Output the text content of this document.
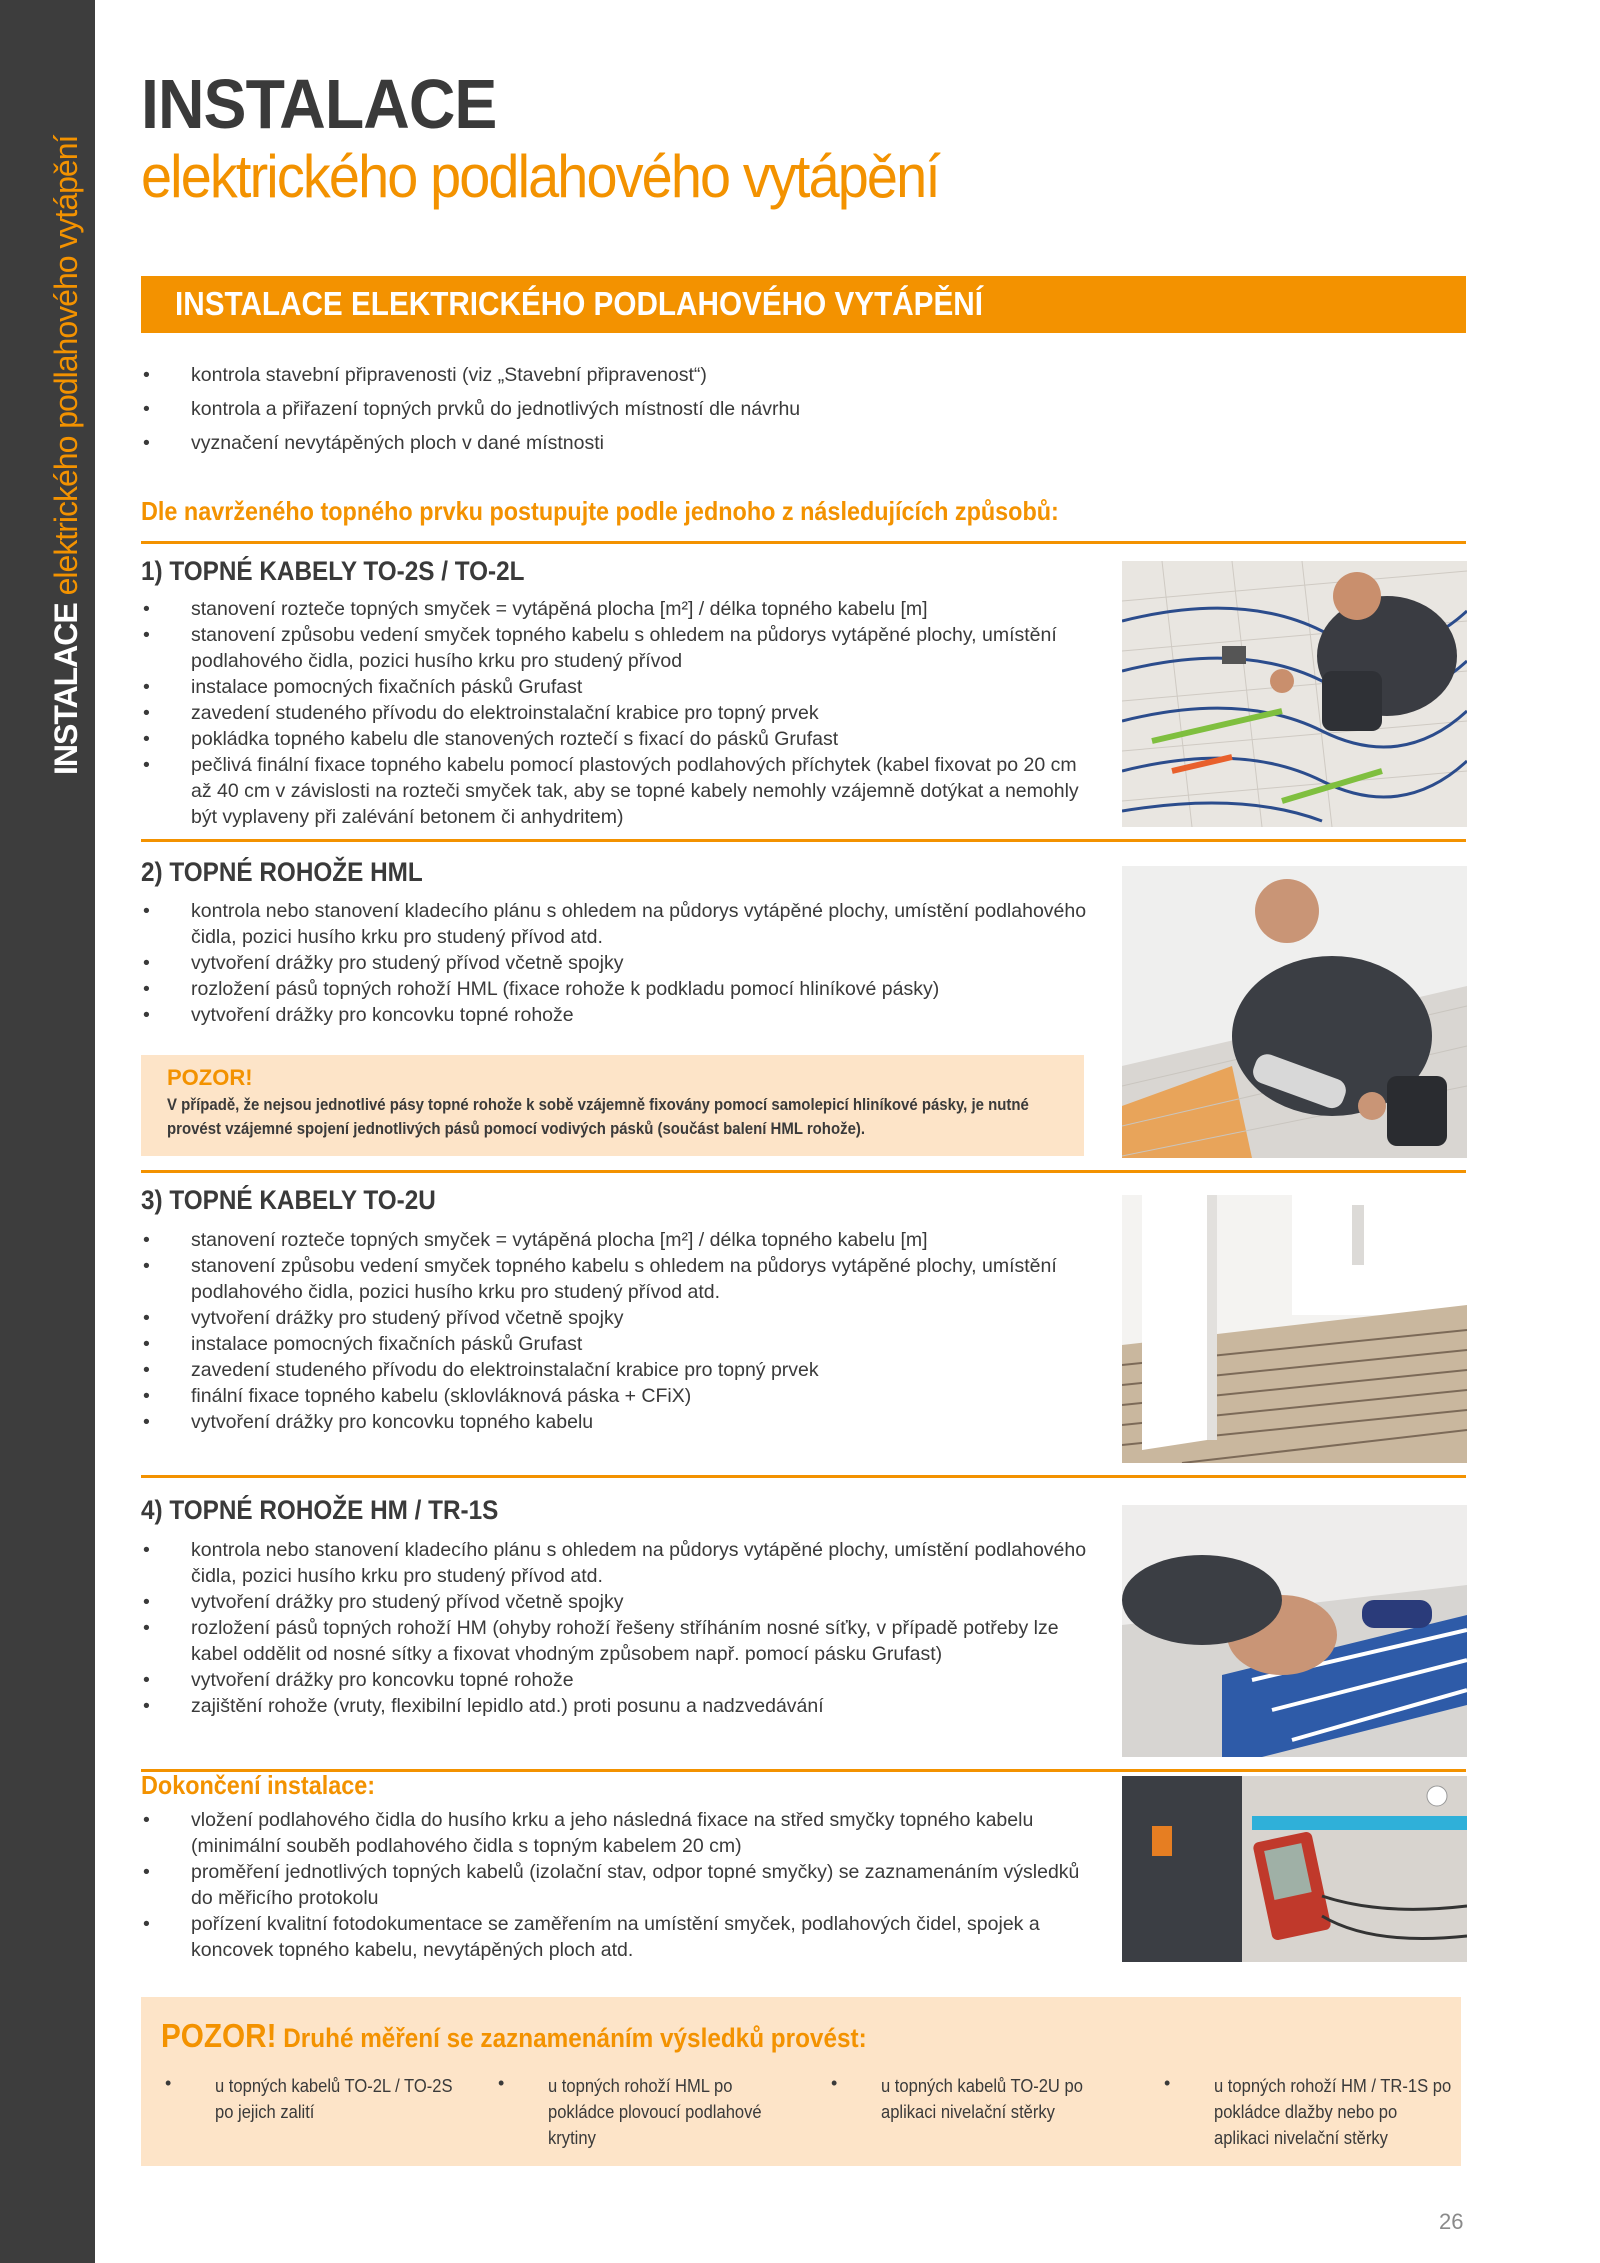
INSTALACE elektrického podlahového vytápění
INSTALACE
elektrického podlahového vytápění
INSTALACE ELEKTRICKÉHO PODLAHOVÉHO VYTÁPĚNÍ
• kontrola stavební připravenosti (viz „Stavební připravenost“)
• kontrola a přiřazení topných prvků do jednotlivých místností dle návrhu
• vyznačení nevytápěných ploch v dané místnosti
Dle navrženého topného prvku postupujte podle jednoho z následujících způsobů:
1) TOPNÉ KABELY TO-2S / TO-2L
• stanovení rozteče topných smyček = vytápěná plocha [m²] / délka topného kabelu [m]
• stanovení způsobu vedení smyček topného kabelu s ohledem na půdorys vytápěné plochy, umístění podlahového čidla, pozici husího krku pro studený přívod
• instalace pomocných fixačních pásků Grufast
• zavedení studeného přívodu do elektroinstalační krabice pro topný prvek
• pokládka topného kabelu dle stanovených roztečí s fixací do pásků Grufast
• pečlivá finální fixace topného kabelu pomocí plastových podlahových příchytek (kabel fixovat po 20 cm až 40 cm v závislosti na rozteči smyček tak, aby se topné kabely nemohly vzájemně dotýkat a nemohly být vyplaveny při zalévání betonem či anhydritem)
2) TOPNÉ ROHOŽE HML
• kontrola nebo stanovení kladecího plánu s ohledem na půdorys vytápěné plochy, umístění podlahového čidla, pozici husího krku pro studený přívod atd.
• vytvoření drážky pro studený přívod včetně spojky
• rozložení pásů topných rohoží HML (fixace rohože k podkladu pomocí hliníkové pásky)
• vytvoření drážky pro koncovku topné rohože
POZOR!
V případě, že nejsou jednotlivé pásy topné rohože k sobě vzájemně fixovány pomocí samolepicí hliníkové pásky, je nutné provést vzájemné spojení jednotlivých pásů pomocí vodivých pásků (součást balení HML rohože).
3) TOPNÉ KABELY TO-2U
• stanovení rozteče topných smyček = vytápěná plocha [m²] / délka topného kabelu [m]
• stanovení způsobu vedení smyček topného kabelu s ohledem na půdorys vytápěné plochy, umístění podlahového čidla, pozici husího krku pro studený přívod atd.
• vytvoření drážky pro studený přívod včetně spojky
• instalace pomocných fixačních pásků Grufast
• zavedení studeného přívodu do elektroinstalační krabice pro topný prvek
• finální fixace topného kabelu (sklovláknová páska + CFiX)
• vytvoření drážky pro koncovku topného kabelu
4) TOPNÉ ROHOŽE HM / TR-1S
• kontrola nebo stanovení kladecího plánu s ohledem na půdorys vytápěné plochy, umístění podlahového čidla, pozici husího krku pro studený přívod atd.
• vytvoření drážky pro studený přívod včetně spojky
• rozložení pásů topných rohoží HM (ohyby rohoží řešeny stříháním nosné síťky, v případě potřeby lze kabel oddělit od nosné sítky a fixovat vhodným způsobem např. pomocí pásku Grufast)
• vytvoření drážky pro koncovku topné rohože
• zajištění rohože (vruty, flexibilní lepidlo atd.) proti posunu a nadzvedávání
Dokončení instalace:
• vložení podlahového čidla do husího krku a jeho následná fixace na střed smyčky topného kabelu (minimální souběh podlahového čidla s topným kabelem 20 cm)
• proměření jednotlivých topných kabelů (izolační stav, odpor topné smyčky) se zaznamenáním výsledků do měřicího protokolu
• pořízení kvalitní fotodokumentace se zaměřením na umístění smyček, podlahových čidel, spojek a koncovek topného kabelu, nevytápěných ploch atd.
POZOR! Druhé měření se zaznamenáním výsledků provést:
• u topných kabelů TO-2L / TO-2S po jejich zalití
• u topných rohoží HML po pokládce plovoucí podlahové krytiny
• u topných kabelů TO-2U po aplikaci nivelační stěrky
• u topných rohoží HM / TR-1S po pokládce dlažby nebo po aplikaci nivelační stěrky
26
